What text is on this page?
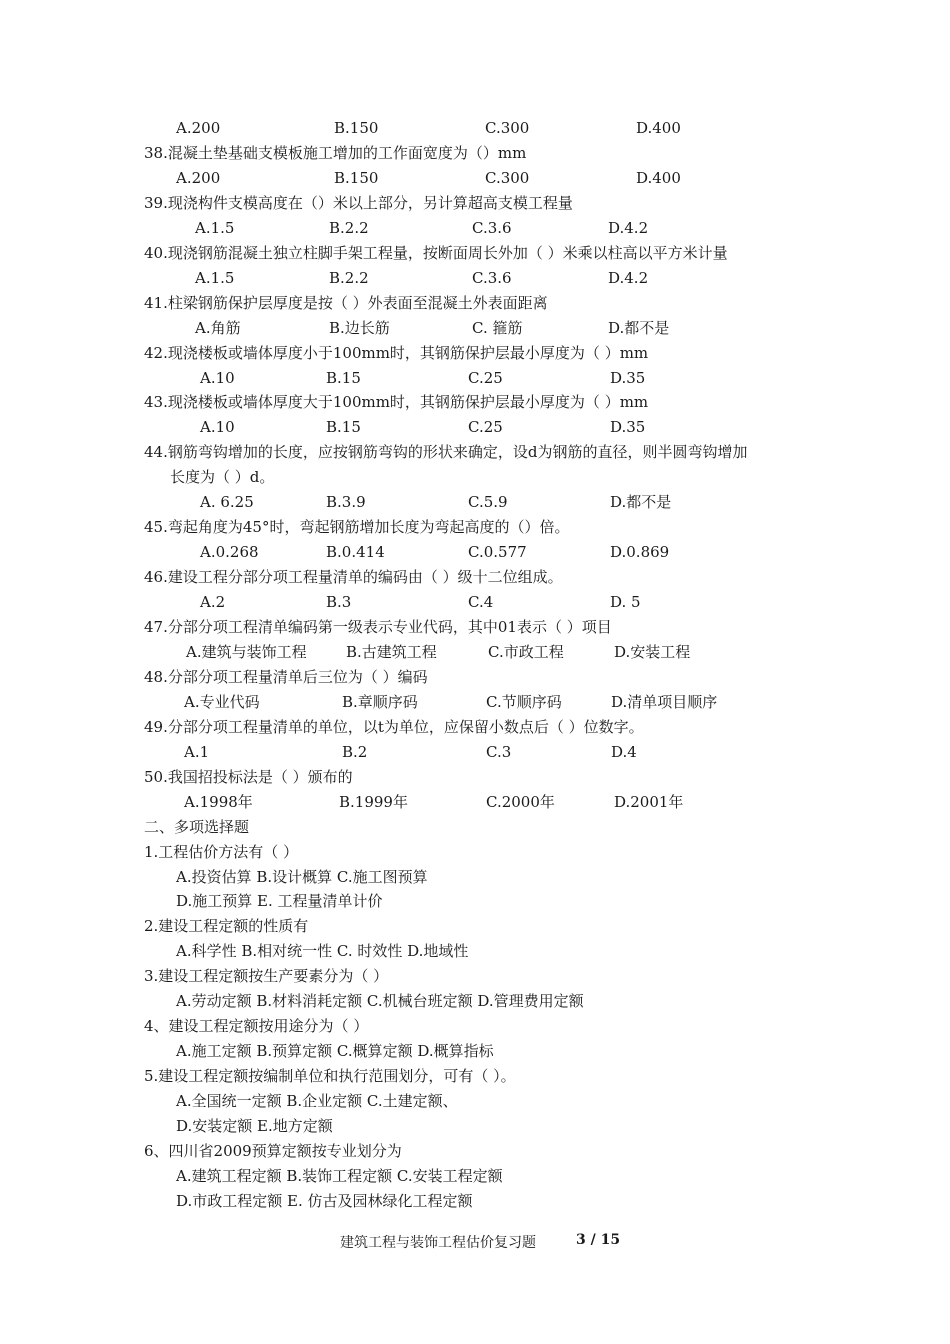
A.200	B.150	C.300	D.400
38.混凝土垫基础支模板施工增加的工作面宽度为（）mm
A.200	B.150	C.300	D.400
39.现浇构件支模高度在（）米以上部分，另计算超高支模工程量
A.1.5	B.2.2	C.3.6	D.4.2
40.现浇钢筋混凝土独立柱脚手架工程量，按断面周长外加（ ）米乘以柱高以平方米计量
A.1.5	B.2.2	C.3.6	D.4.2
41.柱梁钢筋保护层厚度是按（ ）外表面至混凝土外表面距离
A.角筋	B.边长筋	C. 箍筋	D.都不是
42.现浇楼板或墙体厚度小于100mm时，其钢筋保护层最小厚度为（ ）mm
A.10	B.15	C.25	D.35
43.现浇楼板或墙体厚度大于100mm时，其钢筋保护层最小厚度为（ ）mm
A.10	B.15	C.25	D.35
44.钢筋弯钩增加的长度，应按钢筋弯钩的形状来确定，设d为钢筋的直径，则半圆弯钩增加
长度为（ ）d。
A. 6.25	B.3.9	C.5.9	D.都不是
45.弯起角度为45°时，弯起钢筋增加长度为弯起高度的（）倍。
A.0.268	B.0.414	C.0.577	D.0.869
46.建设工程分部分项工程量清单的编码由（ ）级十二位组成。
A.2	B.3	C.4	D. 5
47.分部分项工程清单编码第一级表示专业代码，其中01表示（ ）项目
A.建筑与装饰工程	B.古建筑工程	C.市政工程	D.安装工程
48.分部分项工程量清单后三位为（ ）编码
A.专业代码	B.章顺序码	C.节顺序码	D.清单项目顺序
49.分部分项工程量清单的单位，以t为单位，应保留小数点后（ ）位数字。
A.1	B.2	C.3	D.4
50.我国招投标法是（ ）颁布的
A.1998年	B.1999年	C.2000年	D.2001年
二、多项选择题
1.工程估价方法有（ ）
A.投资估算 B.设计概算 C.施工图预算
D.施工预算 E. 工程量清单计价
2.建设工程定额的性质有
A.科学性 B.相对统一性 C. 时效性 D.地域性
3.建设工程定额按生产要素分为（ ）
A.劳动定额 B.材料消耗定额 C.机械台班定额 D.管理费用定额
4、建设工程定额按用途分为（ ）
A.施工定额 B.预算定额 C.概算定额 D.概算指标
5.建设工程定额按编制单位和执行范围划分，可有（ ）。
A.全国统一定额 B.企业定额 C.土建定额、
D.安装定额 E.地方定额
6、四川省2009预算定额按专业划分为
A.建筑工程定额 B.装饰工程定额 C.安装工程定额
D.市政工程定额 E. 仿古及园林绿化工程定额
建筑工程与装饰工程估价复习题	3 / 15
